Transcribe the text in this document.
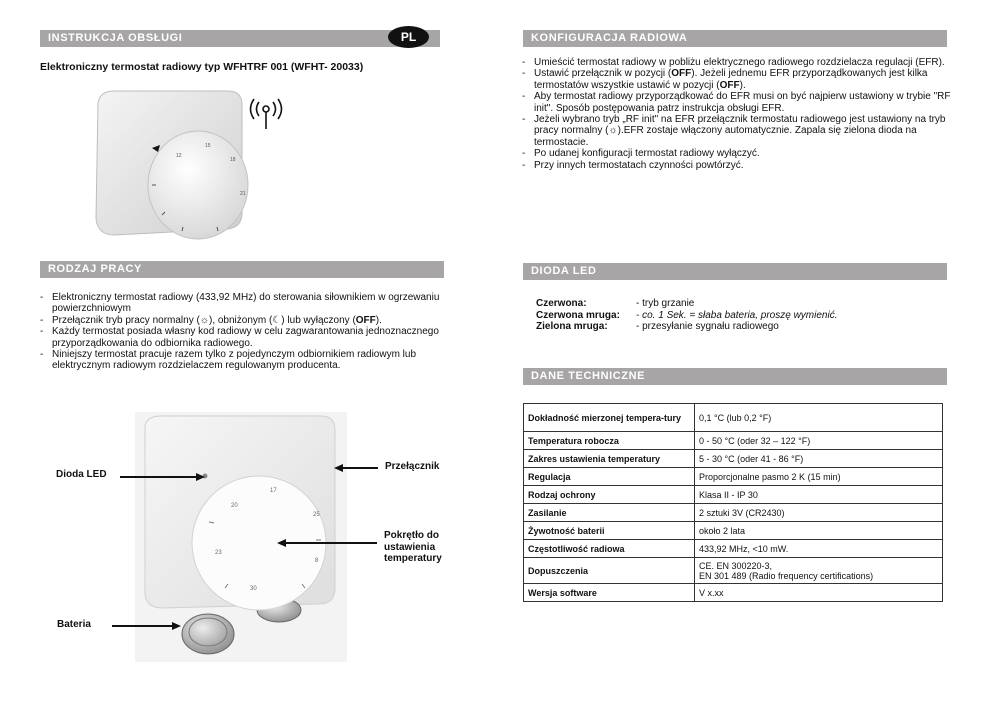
INSTRUKCJA OBSŁUGI	PL
Elektroniczny termostat radiowy typ WFHTRF 001 (WFHT- 20033)
12
15
18
21
RODZAJ PRACY
- Elektroniczny termostat radiowy (433,92 MHz) do sterowania siłownikiem w ogrzewaniu powierzchniowym
- Przełącznik tryb pracy normalny (☼), obniżonym (☾) lub wyłączony (OFF).
- Każdy termostat posiada własny kod radiowy w celu zagwarantowania jednoznacznego przyporządkowania do odbiornika radiowego.
- Niniejszy termostat pracuje razem tylko z pojedynczym odbiornikiem radiowym lub elektrycznym radiowym rozdzielaczem regulowanym producenta.
17
20
23
25
30
8
Dioda LED
Przełącznik
Pokrętło do
ustawienia
temperatury
Bateria
KONFIGURACJA RADIOWA
- Umieścić termostat radiowy w pobliżu elektrycznego radiowego rozdzielacza regulacji (EFR).
- Ustawić przełącznik w pozycji (OFF). Jeżeli jednemu EFR przyporządkowanych jest kilka termostatów wszystkie ustawić w pozycji (OFF).
- Aby termostat radiowy przyporządkować do EFR musi on być najpierw ustawiony w trybie "RF init". Sposób postępowania patrz instrukcja obsługi EFR.
- Jeżeli wybrano tryb „RF init" na EFR przełącznik termostatu radiowego jest ustawiony na tryb pracy normalny (☼).EFR zostaje włączony automatycznie. Zapala się zielona dioda na termostacie.
- Po udanej konfiguracji termostat radiowy wyłączyć.
- Przy innych termostatach czynności powtórzyć.
DIODA LED
Czerwona:	- tryb grzanie
Czerwona mruga: - co. 1 Sek. = słaba bateria, proszę wymienić.
Zielona mruga:	- przesyłanie sygnału radiowego
DANE TECHNICZNE
Dokładność mierzonej tempera-tury	0,1 °C (lub 0,2 °F)
Temperatura robocza	0 - 50 °C (oder 32 – 122 °F)
Zakres ustawienia temperatury	5 - 30 °C (oder 41 - 86 °F)
Regulacja	Proporcjonalne pasmo 2 K (15 min)
Rodzaj ochrony	Klasa II - IP 30
Zasilanie	2 sztuki 3V (CR2430)
Żywotność baterii	około 2 lata
Częstotliwość radiowa	433,92 MHz, <10 mW.
Dopuszczenia	CE. EN 300220-3,
EN 301 489 (Radio frequency certifications)

Wersja software	V x.xx
